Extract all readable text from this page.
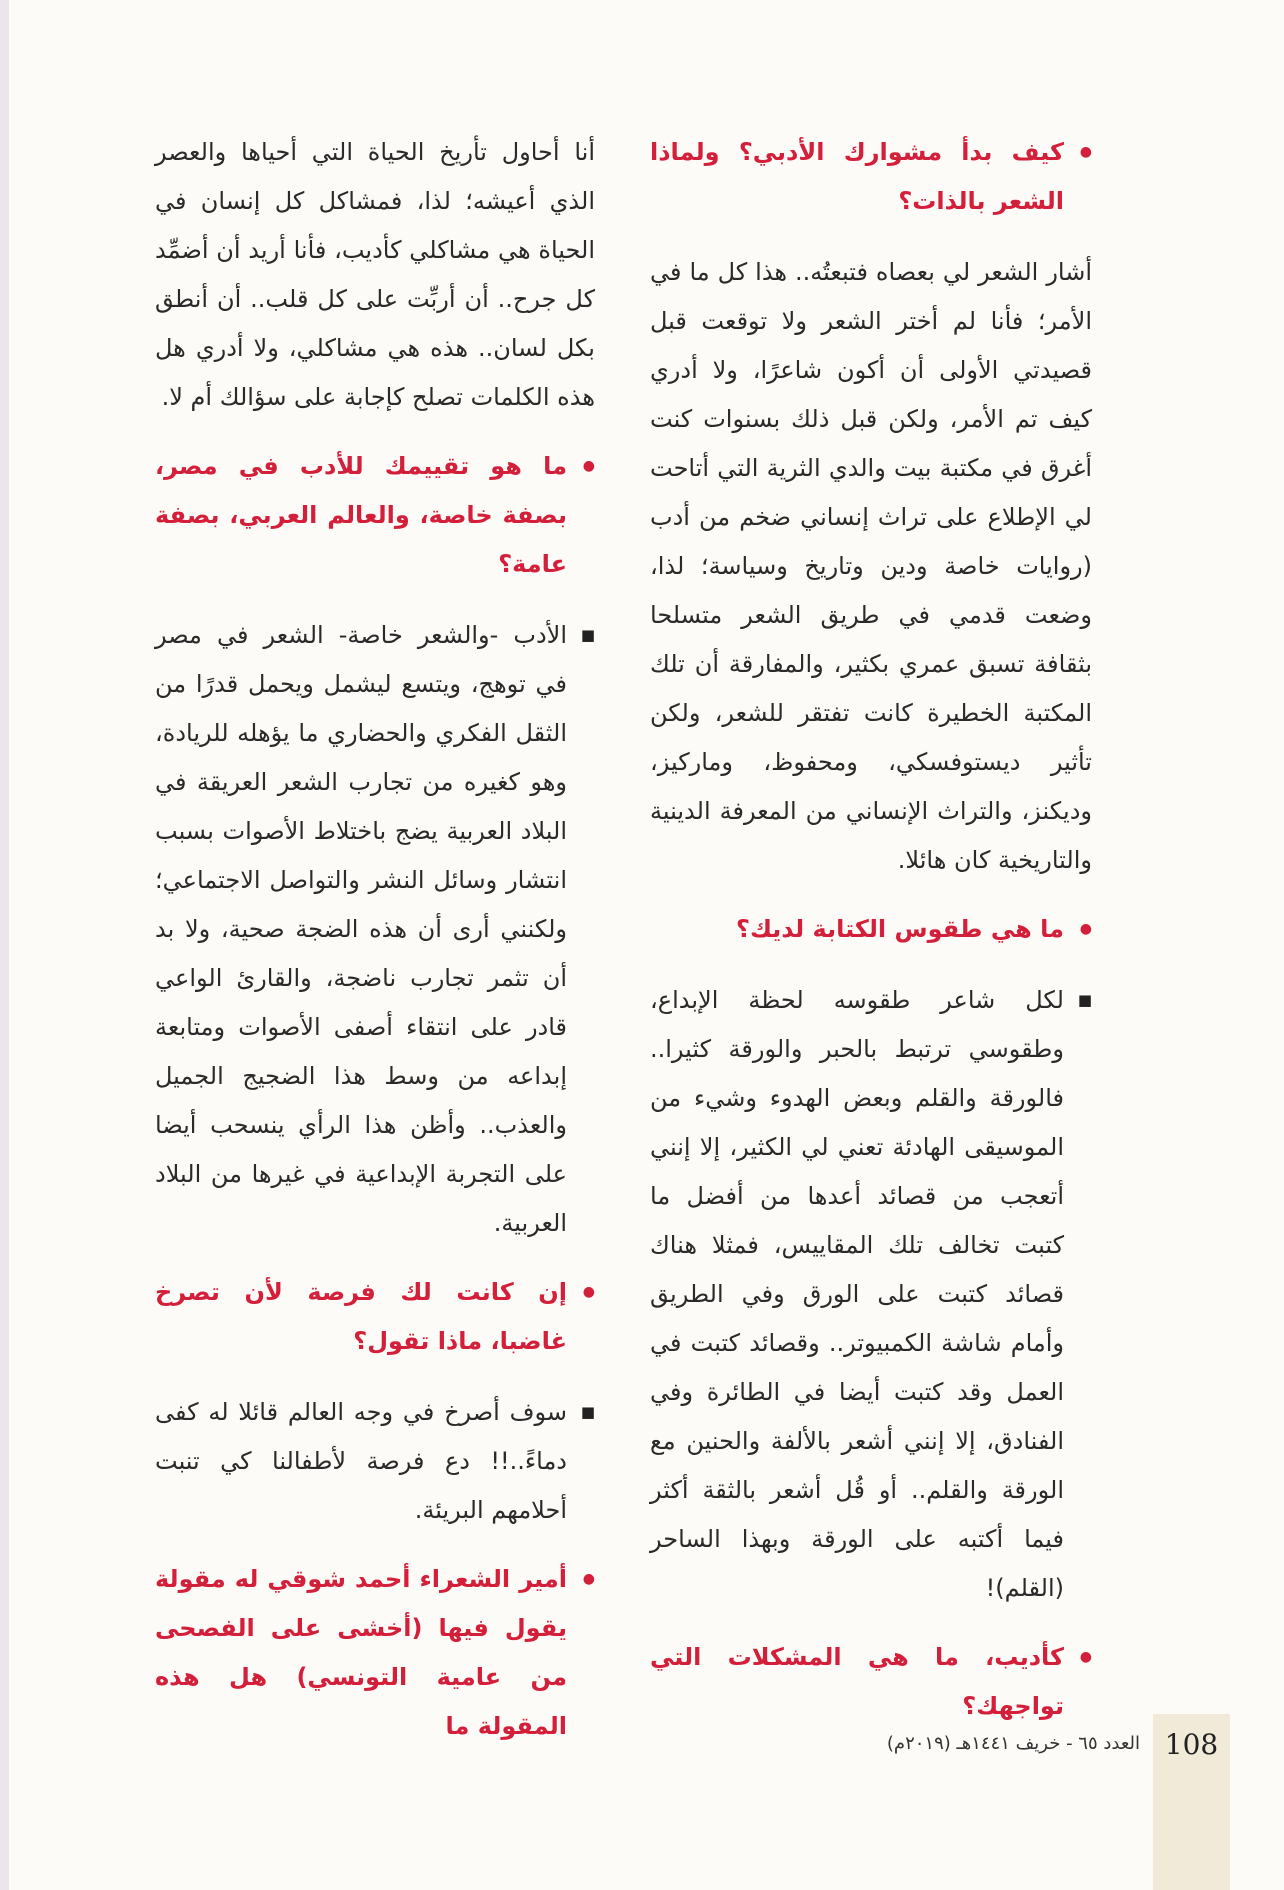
● كيف بدأ مشوارك الأدبي؟ ولماذا الشعر بالذات؟
أشار الشعر لي بعصاه فتبعتُه.. هذا كل ما في الأمر؛ فأنا لم أختر الشعر ولا توقعت قبل قصيدتي الأولى أن أكون شاعرًا، ولا أدري كيف تم الأمر، ولكن قبل ذلك بسنوات كنت أغرق في مكتبة بيت والدي الثرية التي أتاحت لي الإطلاع على تراث إنساني ضخم من أدب (روايات خاصة ودين وتاريخ وسياسة؛ لذا، وضعت قدمي في طريق الشعر متسلحا بثقافة تسبق عمري بكثير، والمفارقة أن تلك المكتبة الخطيرة كانت تفتقر للشعر، ولكن تأثير ديستوفسكي، ومحفوظ، وماركيز، وديكنز، والتراث الإنساني من المعرفة الدينية والتاريخية كان هائلا.
● ما هي طقوس الكتابة لديك؟
■ لكل شاعر طقوسه لحظة الإبداع، وطقوسي ترتبط بالحبر والورقة كثيرا.. فالورقة والقلم وبعض الهدوء وشيء من الموسيقى الهادئة تعني لي الكثير، إلا إنني أتعجب من قصائد أعدها من أفضل ما كتبت تخالف تلك المقاييس، فمثلا هناك قصائد كتبت على الورق وفي الطريق وأمام شاشة الكمبيوتر.. وقصائد كتبت في العمل وقد كتبت أيضا في الطائرة وفي الفنادق، إلا إنني أشعر بالألفة والحنين مع الورقة والقلم.. أو قُل أشعر بالثقة أكثر فيما أكتبه على الورقة وبهذا الساحر (القلم)!
● كأديب، ما هي المشكلات التي تواجهك؟
أنا أحاول تأريخ الحياة التي أحياها والعصر الذي أعيشه؛ لذا، فمشاكل كل إنسان في الحياة هي مشاكلي كأديب، فأنا أريد أن أضمِّد كل جرح.. أن أربِّت على كل قلب.. أن أنطق بكل لسان.. هذه هي مشاكلي، ولا أدري هل هذه الكلمات تصلح كإجابة على سؤالك أم لا.
● ما هو تقييمك للأدب في مصر، بصفة خاصة، والعالم العربي، بصفة عامة؟
■ الأدب -والشعر خاصة- الشعر في مصر في توهج، ويتسع ليشمل ويحمل قدرًا من الثقل الفكري والحضاري ما يؤهله للريادة، وهو كغيره من تجارب الشعر العريقة في البلاد العربية يضج باختلاط الأصوات بسبب انتشار وسائل النشر والتواصل الاجتماعي؛ ولكنني أرى أن هذه الضجة صحية، ولا بد أن تثمر تجارب ناضجة، والقارئ الواعي قادر على انتقاء أصفى الأصوات ومتابعة إبداعه من وسط هذا الضجيج الجميل والعذب.. وأظن هذا الرأي ينسحب أيضا على التجربة الإبداعية في غيرها من البلاد العربية.
● إن كانت لك فرصة لأن تصرخ غاضبا، ماذا تقول؟
■ سوف أصرخ في وجه العالم قائلا له كفى دماءً..!! دع فرصة لأطفالنا كي تنبت أحلامهم البريئة.
● أمير الشعراء أحمد شوقي له مقولة يقول فيها (أخشى على الفصحى من عامية التونسي) هل هذه المقولة ما
108
العدد ٦٥ - خريف ١٤٤١هـ (٢٠١٩م)
